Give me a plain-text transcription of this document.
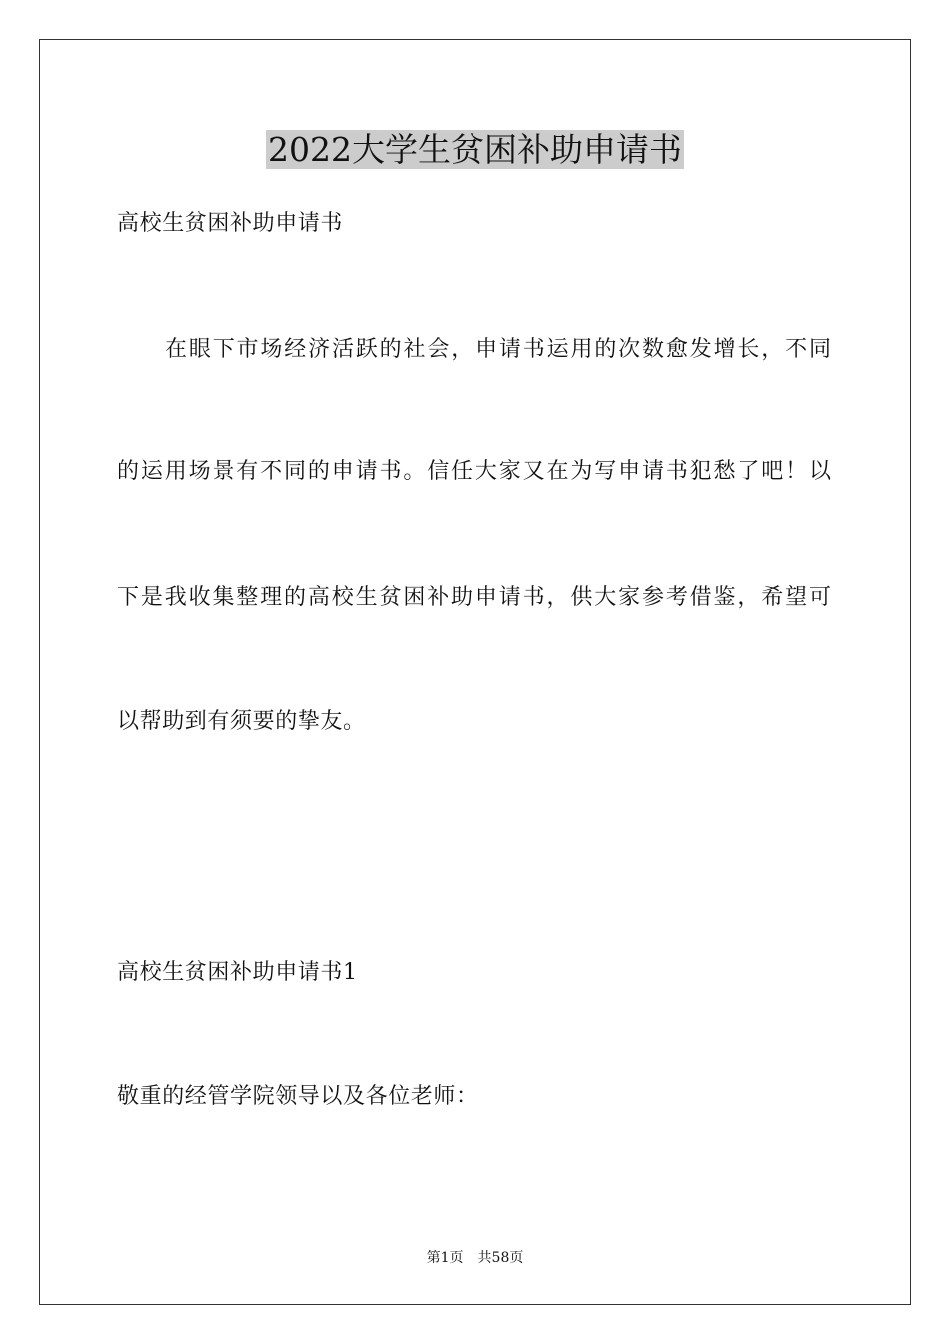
2022大学生贫困补助申请书

高校生贫困补助申请书

在眼下市场经济活跃的社会，申请书运用的次数愈发增长，不同

的运用场景有不同的申请书。信任大家又在为写申请书犯愁了吧！以

下是我收集整理的高校生贫困补助申请书，供大家参考借鉴，希望可

以帮助到有须要的挚友。

高校生贫困补助申请书1

敬重的经管学院领导以及各位老师：

第1页 共58页
